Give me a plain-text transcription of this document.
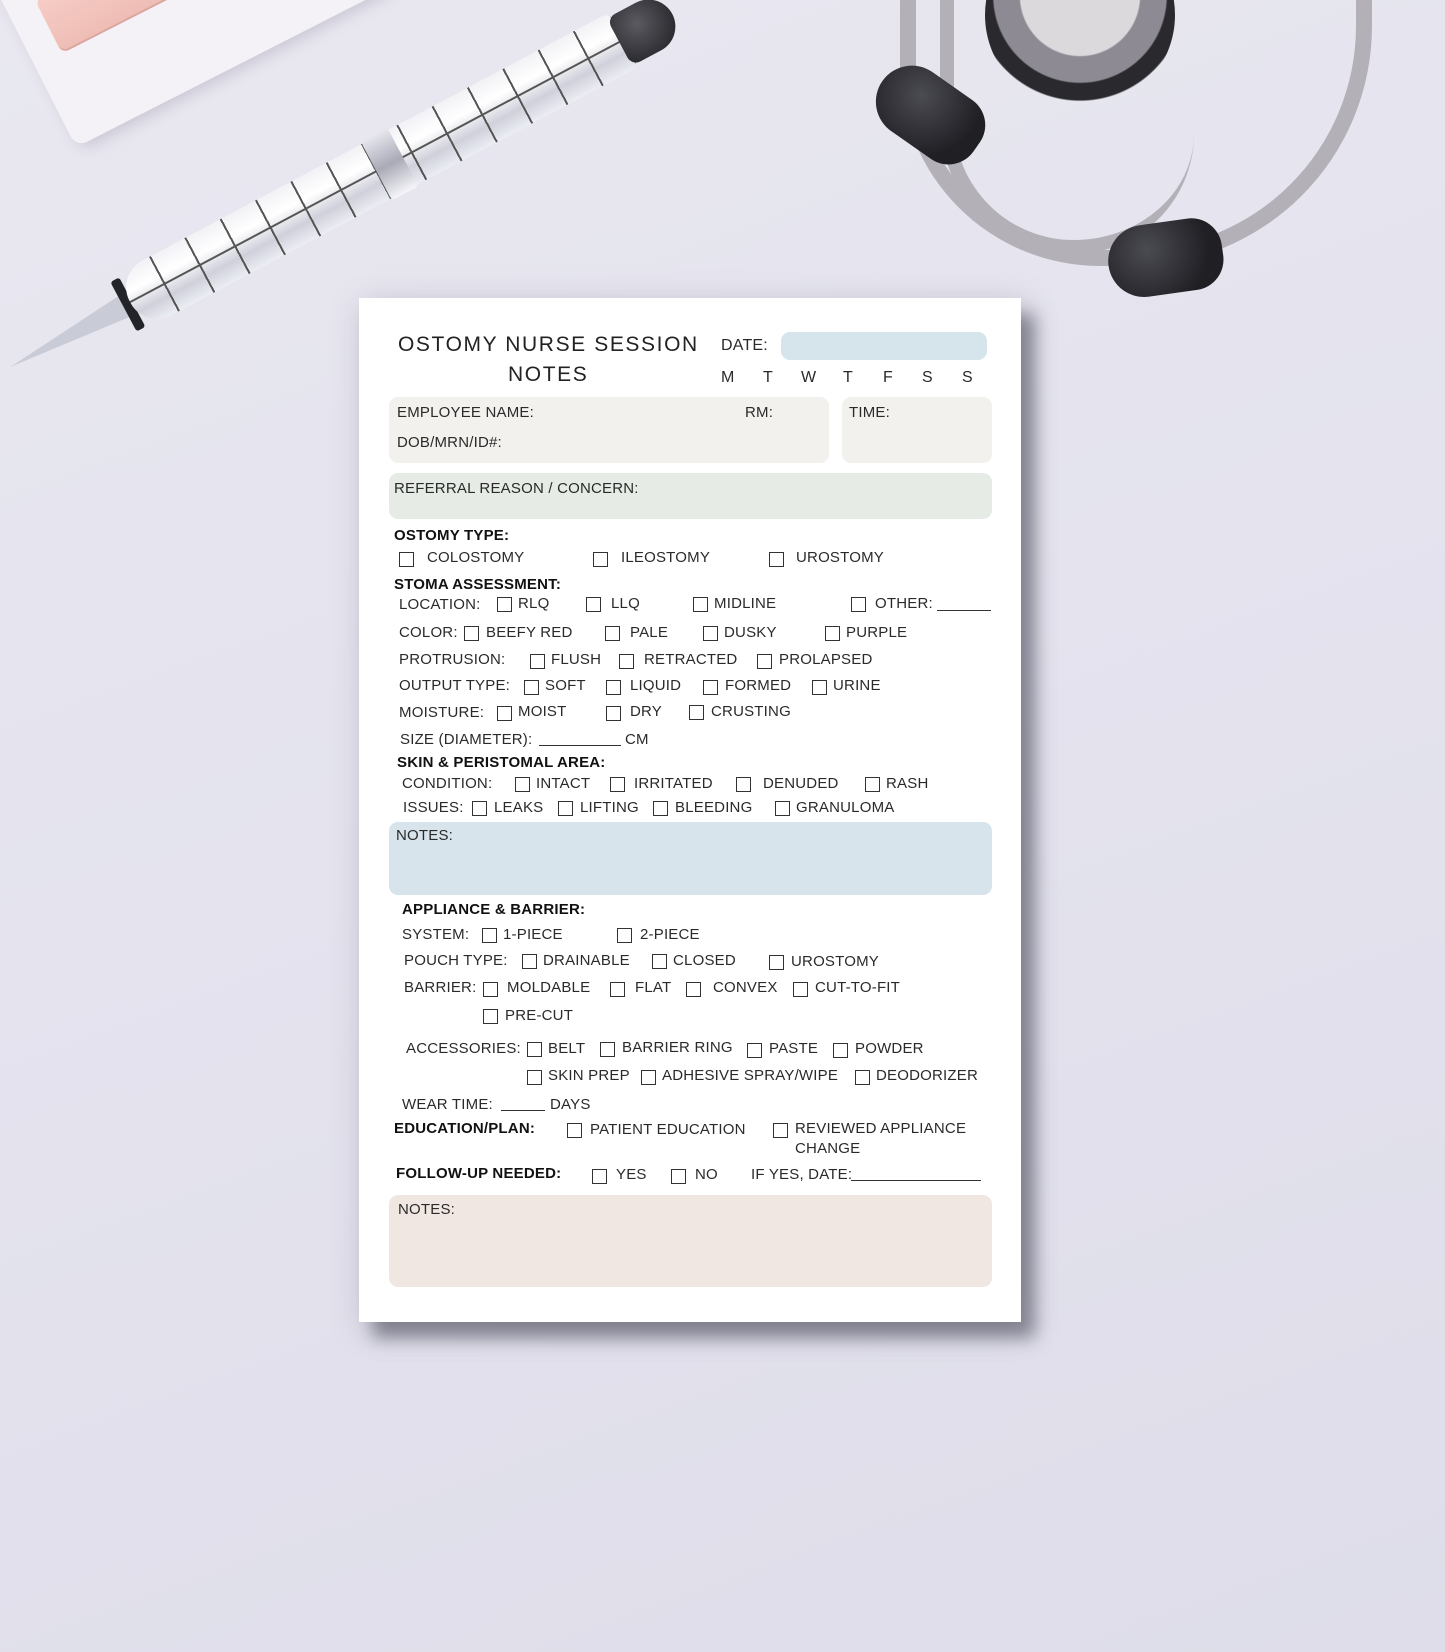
OSTOMY NURSE SESSION
NOTES
DATE:
M T W T F S S
EMPLOYEE NAME:	RM:
DOB/MRN/ID#:
TIME:
REFERRAL REASON / CONCERN:
OSTOMY TYPE:
COLOSTOMY	ILEOSTOMY	UROSTOMY
STOMA ASSESSMENT:
LOCATION: RLQ	LLQ	MIDLINE	OTHER:
COLOR: BEEFY RED	PALE	DUSKY	PURPLE
PROTRUSION:	FLUSH	RETRACTED	PROLAPSED
OUTPUT TYPE: SOFT	LIQUID	FORMED	URINE
MOISTURE: MOIST	DRY	CRUSTING
SIZE (DIAMETER):	CM
SKIN & PERISTOMAL AREA:
CONDITION:	INTACT	IRRITATED	DENUDED	RASH
ISSUES: LEAKS LIFTING BLEEDING	GRANULOMA
NOTES:
APPLIANCE & BARRIER:
SYSTEM: 1-PIECE	2-PIECE
POUCH TYPE: DRAINABLE	CLOSED	UROSTOMY
BARRIER: MOLDABLE	FLAT	CONVEX CUT-TO-FIT
PRE-CUT
ACCESSORIES: BELT BARRIER RING PASTE POWDER
SKIN PREP ADHESIVE SPRAY/WIPE	DEODORIZER
WEAR TIME:	DAYS
EDUCATION/PLAN:	PATIENT EDUCATION	REVIEWED APPLIANCE
CHANGE
FOLLOW-UP NEEDED:	YES	NO IF YES, DATE:
NOTES:
